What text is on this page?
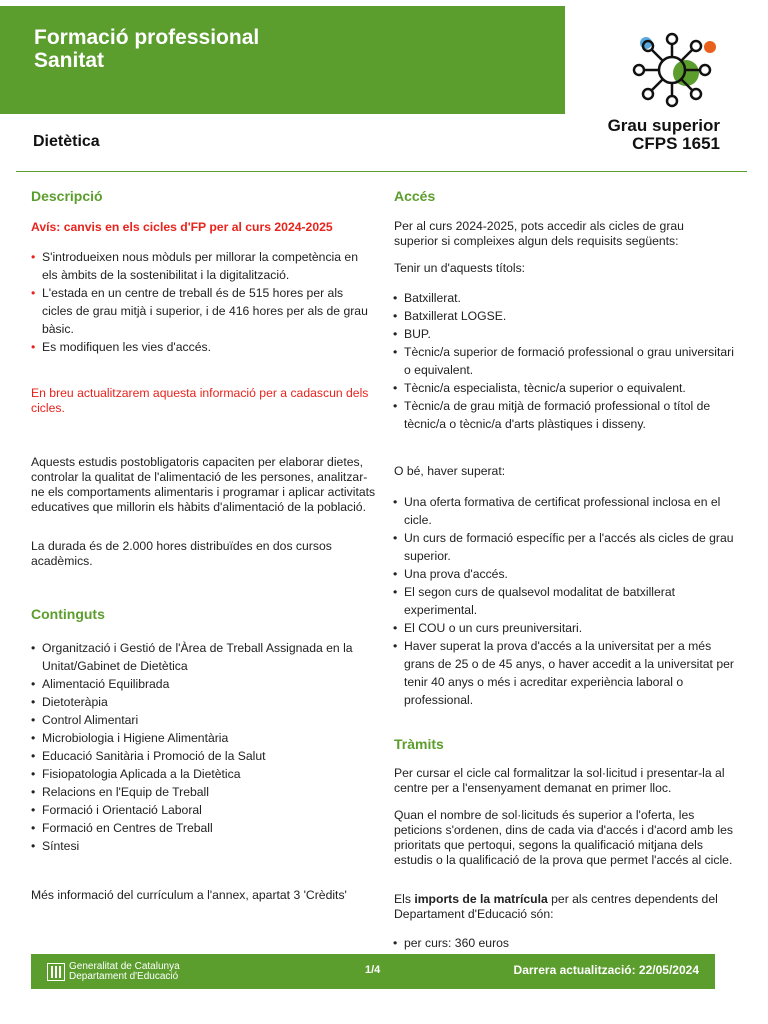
Formació professional
Sanitat
Grau superior
CFPS 1651
Dietètica
Descripció
Avís: canvis en els cicles d'FP per al curs 2024-2025
• S'introdueixen nous mòduls per millorar la competència en els àmbits de la sostenibilitat i la digitalització.
• L'estada en un centre de treball és de 515 hores per als cicles de grau mitjà i superior, i de 416 hores per als de grau bàsic.
• Es modifiquen les vies d'accés.
En breu actualitzarem aquesta informació per a cadascun dels cicles.
Aquests estudis postobligatoris capaciten per elaborar dietes, controlar la qualitat de l'alimentació de les persones, analitzar-ne els comportaments alimentaris i programar i aplicar activitats educatives que millorin els hàbits d'alimentació de la població.
La durada és de 2.000 hores distribuïdes en dos cursos acadèmics.
Continguts
• Organització i Gestió de l'Àrea de Treball Assignada en la Unitat/Gabinet de Dietètica
• Alimentació Equilibrada
• Dietoteràpia
• Control Alimentari
• Microbiologia i Higiene Alimentària
• Educació Sanitària i Promoció de la Salut
• Fisiopatologia Aplicada a la Dietètica
• Relacions en l'Equip de Treball
• Formació i Orientació Laboral
• Formació en Centres de Treball
• Síntesi
Més informació del currículum a l'annex, apartat 3 'Crèdits'
Accés
Per al curs 2024-2025, pots accedir als cicles de grau superior si compleixes algun dels requisits següents:
Tenir un d'aquests títols:
• Batxillerat.
• Batxillerat LOGSE.
• BUP.
• Tècnic/a superior de formació professional o grau universitari o equivalent.
• Tècnic/a especialista, tècnic/a superior o equivalent.
• Tècnic/a de grau mitjà de formació professional o títol de tècnic/a o tècnic/a d'arts plàstiques i disseny.
O bé, haver superat:
• Una oferta formativa de certificat professional inclosa en el cicle.
• Un curs de formació específic per a l'accés als cicles de grau superior.
• Una prova d'accés.
• El segon curs de qualsevol modalitat de batxillerat experimental.
• El COU o un curs preuniversitari.
• Haver superat la prova d'accés a la universitat per a més grans de 25 o de 45 anys, o haver accedit a la universitat per tenir 40 anys o més i acreditar experiència laboral o professional.
Tràmits
Per cursar el cicle cal formalitzar la sol·licitud i presentar-la al centre per a l'ensenyament demanat en primer lloc.
Quan el nombre de sol·licituds és superior a l'oferta, les peticions s'ordenen, dins de cada via d'accés i d'acord amb les prioritats que pertoqui, segons la qualificació mitjana dels estudis o la qualificació de la prova que permet l'accés al cicle.
Els imports de la matrícula per als centres dependents del Departament d'Educació són:
• per curs: 360 euros
Generalitat de Catalunya
Departament d'Educació
1/4	Darrera actualització: 22/05/2024
